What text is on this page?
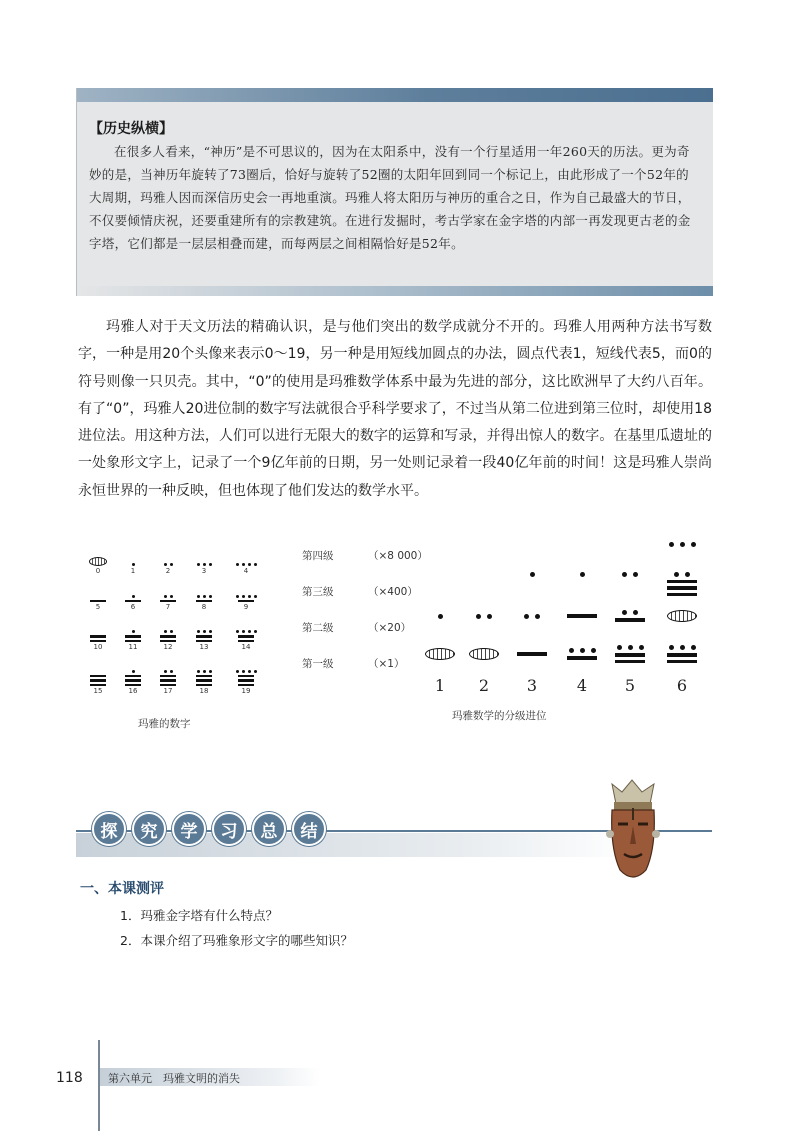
【历史纵横】
在很多人看来，“神历”是不可思议的，因为在太阳系中，没有一个行星适用一年260天的历法。更为奇妙的是，当神历年旋转了73圈后，恰好与旋转了52圈的太阳年回到同一个标记上，由此形成了一个52年的大周期，玛雅人因而深信历史会一再地重演。玛雅人将太阳历与神历的重合之日，作为自己最盛大的节日，不仅要倾情庆祝，还要重建所有的宗教建筑。在进行发掘时，考古学家在金字塔的内部一再发现更古老的金字塔，它们都是一层层相叠而建，而每两层之间相隔恰好是52年。
玛雅人对于天文历法的精确认识，是与他们突出的数学成就分不开的。玛雅人用两种方法书写数字，一种是用20个头像来表示0～19，另一种是用短线加圆点的办法，圆点代表1，短线代表5，而0的符号则像一只贝壳。其中，“0”的使用是玛雅数学体系中最为先进的部分，这比欧洲早了大约八百年。有了“0”，玛雅人20进位制的数字写法就很合乎科学要求了，不过当从第二位进到第三位时，却使用18进位法。用这种方法，人们可以进行无限大的数字的运算和写录，并得出惊人的数字。在基里瓜遗址的一处象形文字上，记录了一个9亿年前的日期，另一处则记录着一段40亿年前的时间！这是玛雅人崇尚永恒世界的一种反映，但也体现了他们发达的数学水平。
0	1	2	3	4
5	6	7	8	9
10	11	12	13	14
15	16	17	18	19
玛雅的数字
第四级	（×8 000）
第三级	（×400）
第二级	（×20）
第一级	（×1）
1	2	3	4	5	6
玛雅数学的分级进位
探	究	学	习	总	结
一、本课测评
1．玛雅金字塔有什么特点？
2．本课介绍了玛雅象形文字的哪些知识？
118 第六单元　玛雅文明的消失
